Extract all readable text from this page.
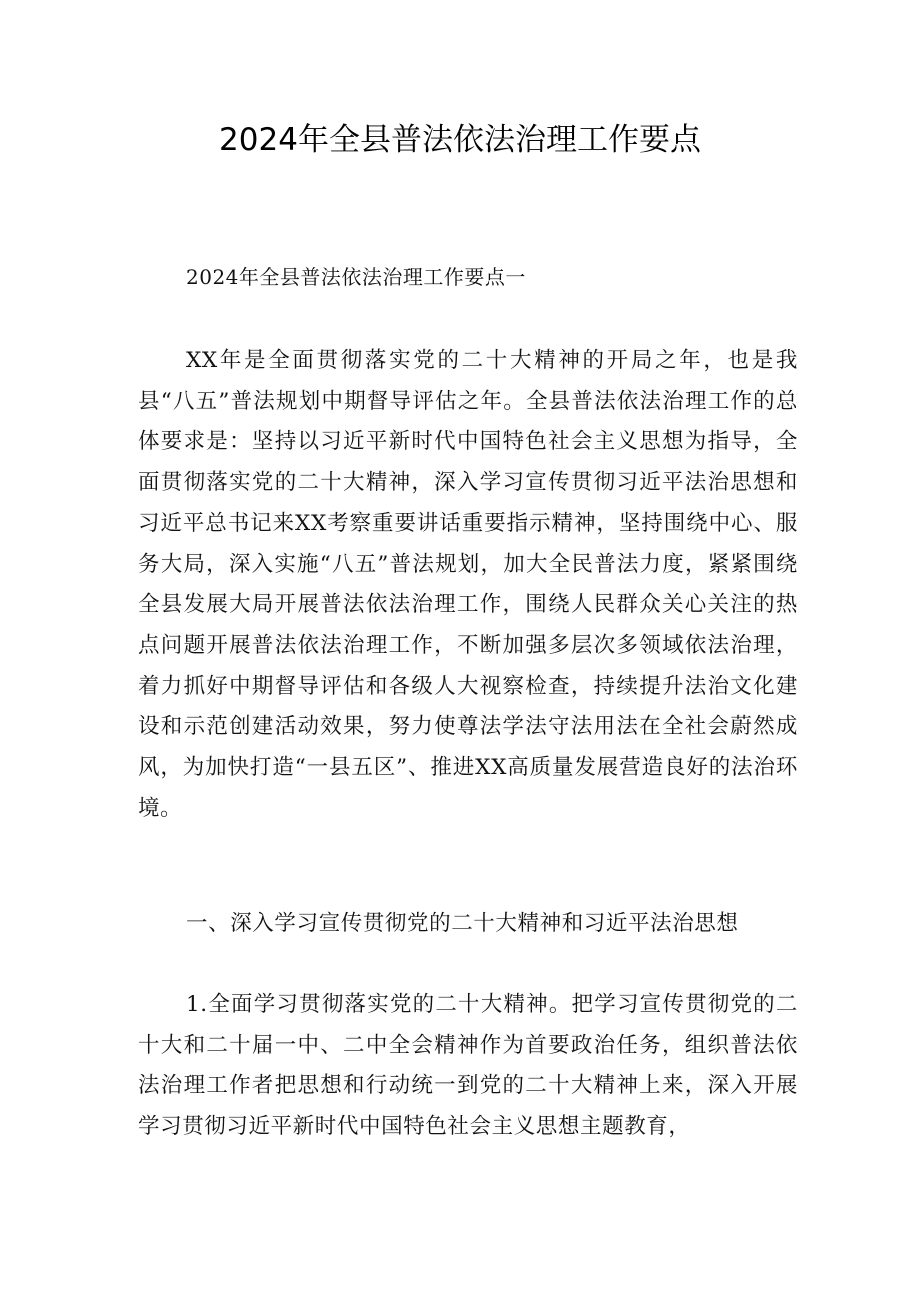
2024年全县普法依法治理工作要点
2024年全县普法依法治理工作要点一
XX年是全面贯彻落实党的二十大精神的开局之年，也是我县“八五”普法规划中期督导评估之年。全县普法依法治理工作的总体要求是：坚持以习近平新时代中国特色社会主义思想为指导，全面贯彻落实党的二十大精神，深入学习宣传贯彻习近平法治思想和习近平总书记来XX考察重要讲话重要指示精神，坚持围绕中心、服务大局，深入实施“八五”普法规划，加大全民普法力度，紧紧围绕全县发展大局开展普法依法治理工作，围绕人民群众关心关注的热点问题开展普法依法治理工作，不断加强多层次多领域依法治理，着力抓好中期督导评估和各级人大视察检查，持续提升法治文化建设和示范创建活动效果，努力使尊法学法守法用法在全社会蔚然成风，为加快打造“一县五区”、推进XX高质量发展营造良好的法治环境。
一、深入学习宣传贯彻党的二十大精神和习近平法治思想
1.全面学习贯彻落实党的二十大精神。把学习宣传贯彻党的二十大和二十届一中、二中全会精神作为首要政治任务，组织普法依法治理工作者把思想和行动统一到党的二十大精神上来，深入开展学习贯彻习近平新时代中国特色社会主义思想主题教育，
